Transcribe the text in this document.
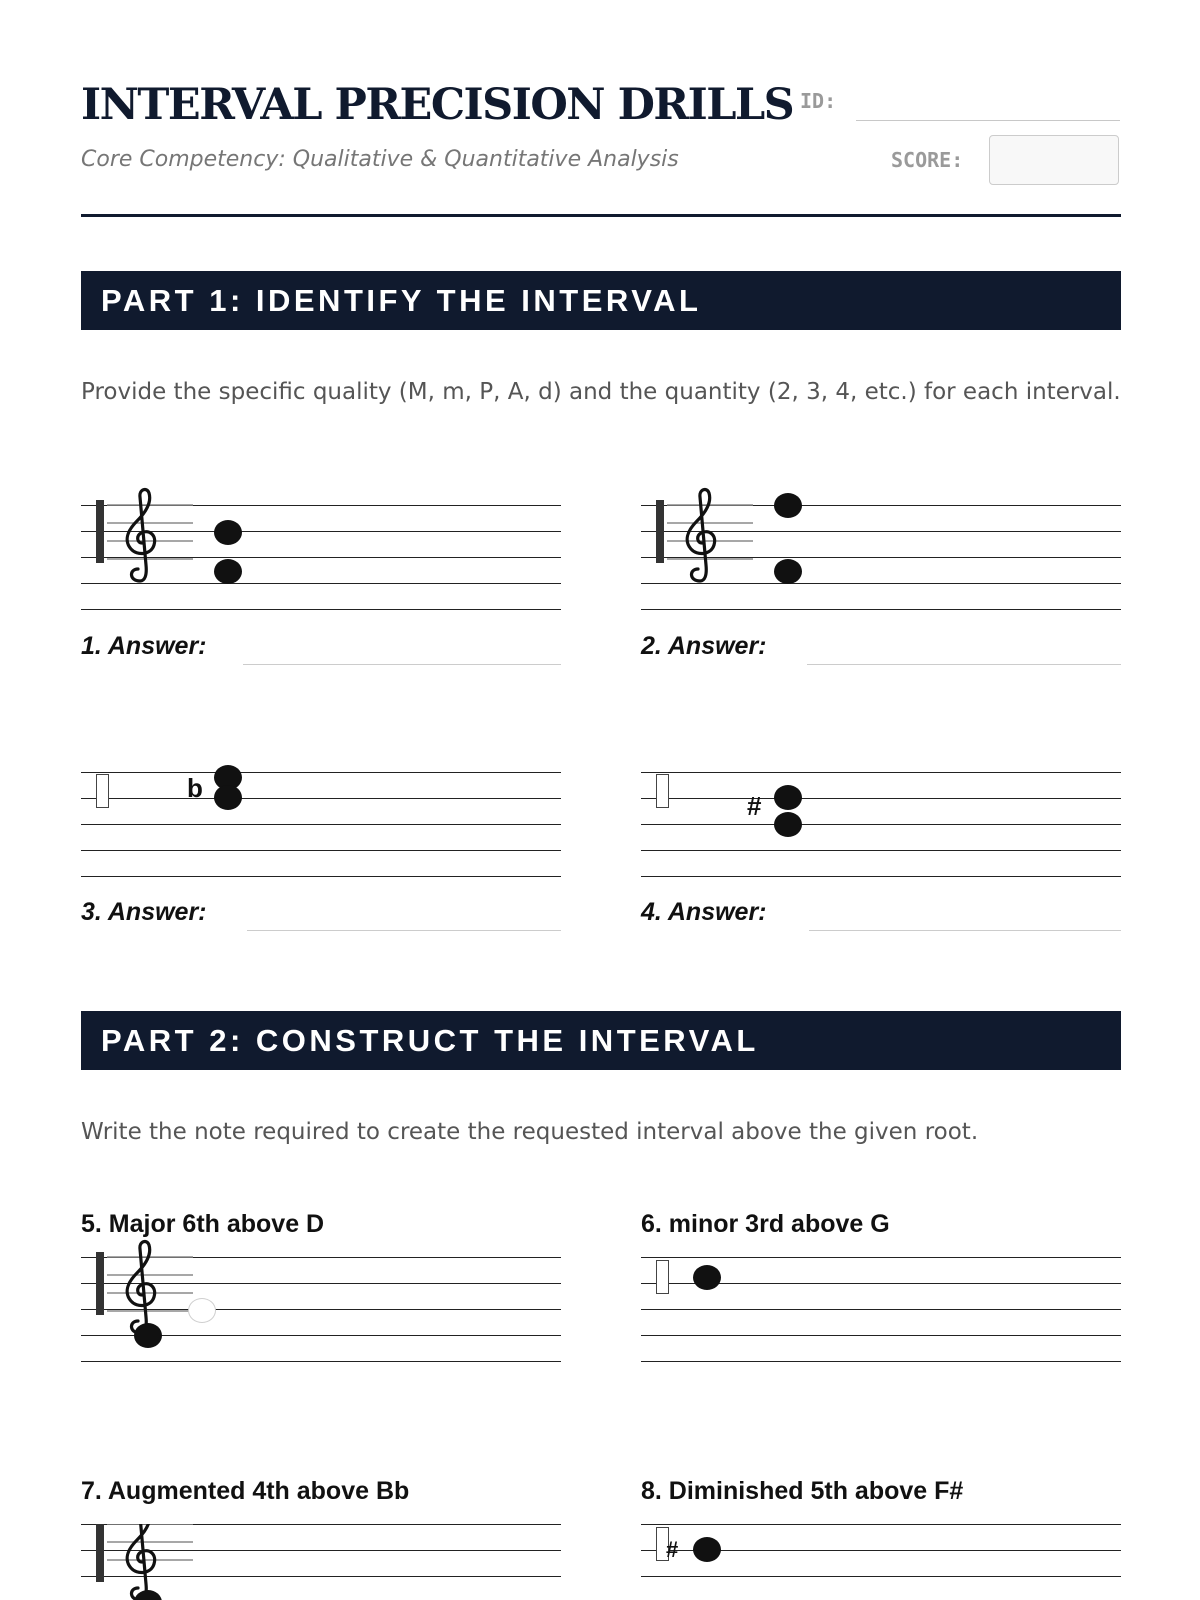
INTERVAL PRECISION DRILLS
Core Competency: Qualitative & Quantitative Analysis
ID:
SCORE:
PART 1: IDENTIFY THE INTERVAL

Provide the specific quality (M, m, P, A, d) and the quantity (2, 3, 4, etc.) for each interval.

1. Answer:	2. Answer:
b
3. Answer:
#
4. Answer:
PART 2: CONSTRUCT THE INTERVAL

Write the note required to create the requested interval above the given root.

5. Major 6th above D	6. minor 3rd above G
7. Augmented 4th above Bb	8. Diminished 5th above F#
#
